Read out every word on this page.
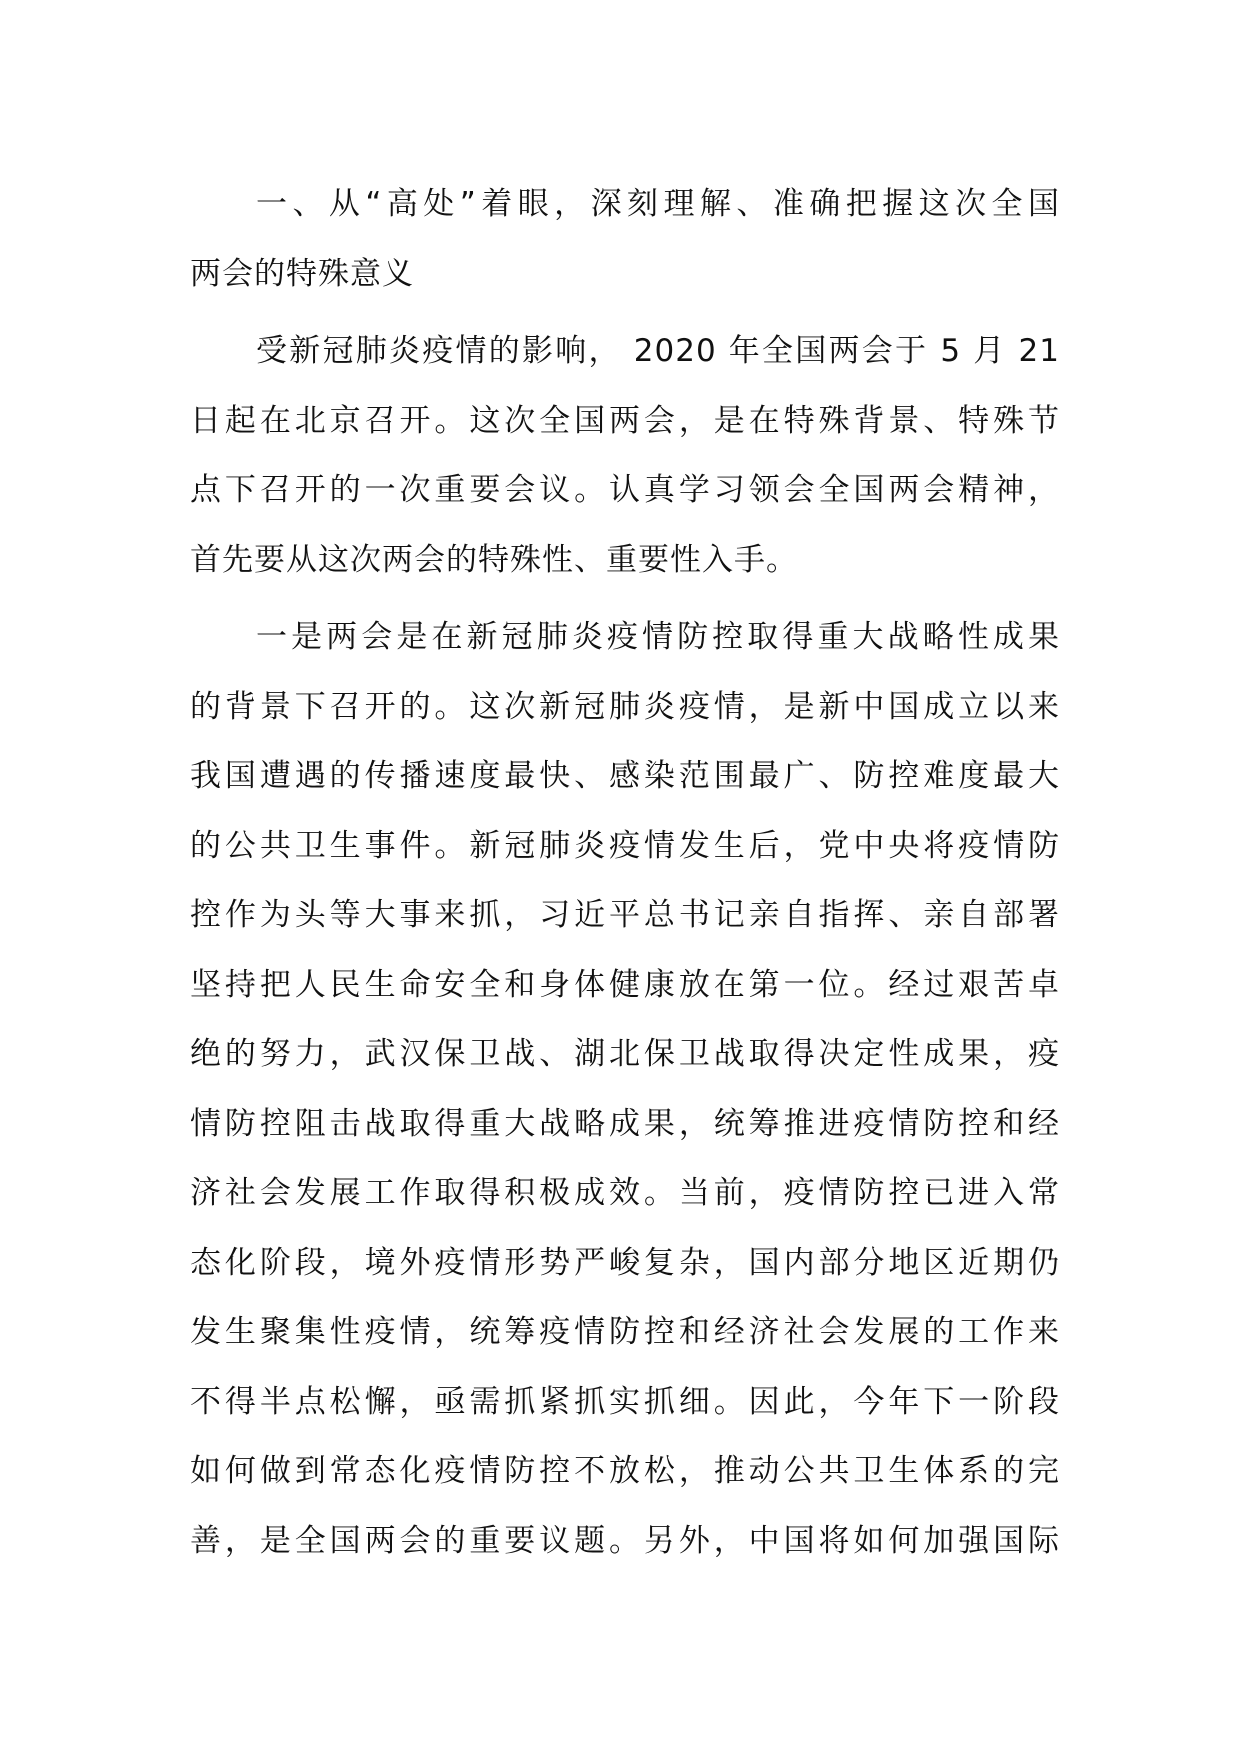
一、从“高处”着眼，深刻理解、准确把握这次全国
两会的特殊意义
受新冠肺炎疫情的影响， 2020 年全国两会于 5 月 21
日起在北京召开。这次全国两会，是在特殊背景、特殊节
点下召开的一次重要会议。认真学习领会全国两会精神，
首先要从这次两会的特殊性、重要性入手。
一是两会是在新冠肺炎疫情防控取得重大战略性成果
的背景下召开的。这次新冠肺炎疫情，是新中国成立以来
我国遭遇的传播速度最快、感染范围最广、防控难度最大
的公共卫生事件。新冠肺炎疫情发生后，党中央将疫情防
控作为头等大事来抓，习近平总书记亲自指挥、亲自部署
坚持把人民生命安全和身体健康放在第一位。经过艰苦卓
绝的努力，武汉保卫战、湖北保卫战取得决定性成果，疫
情防控阻击战取得重大战略成果，统筹推进疫情防控和经
济社会发展工作取得积极成效。当前，疫情防控已进入常
态化阶段，境外疫情形势严峻复杂，国内部分地区近期仍
发生聚集性疫情，统筹疫情防控和经济社会发展的工作来
不得半点松懈，亟需抓紧抓实抓细。因此，今年下一阶段
如何做到常态化疫情防控不放松，推动公共卫生体系的完
善，是全国两会的重要议题。另外，中国将如何加强国际
